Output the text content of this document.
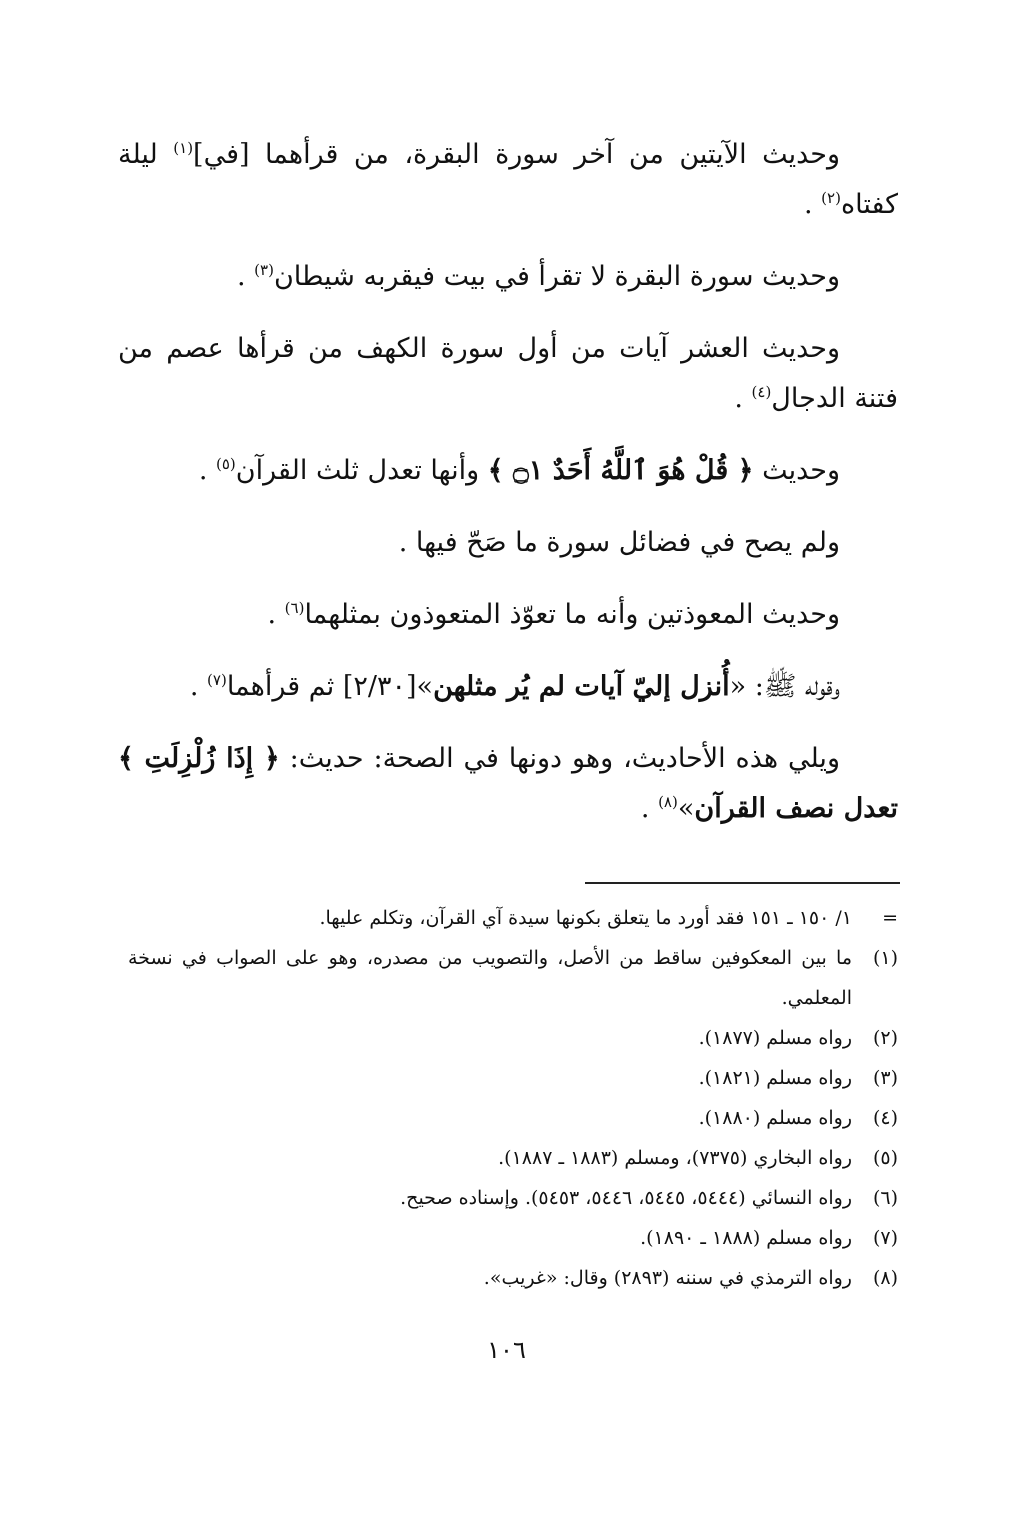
وحديث الآيتين من آخر سورة البقرة، من قرأهما [في]$^{(١)}$ ليلة كفتاه$^{(٢)}$ .

وحديث سورة البقرة لا تقرأ في بيت فيقربه شيطان$^{(٣)}$ .

وحديث العشر آيات من أول سورة الكهف من قرأها عصم من فتنة الدجال$^{(٤)}$ .

وحديث ﴿ قُلْ هُوَ ٱللَّهُ أَحَدٌ ۝١ ﴾ وأنها تعدل ثلث القرآن$^{(٥)}$ .

ولم يصح في فضائل سورة ما صَحّ فيها .

وحديث المعوذتين وأنه ما تعوّذ المتعوذون بمثلهما$^{(٦)}$ .

وقوله ﷺ: «أُنزل إليّ آيات لم يُر مثلهن»[٢/٣٠] ثم قرأهما$^{(٧)}$ .

ويلي هذه الأحاديث، وهو دونها في الصحة: حديث: ﴿ إِذَا زُلْزِلَتِ ﴾ تعدل نصف القرآن»$^{(٨)}$ .

=
١/ ١٥٠ ـ ١٥١ فقد أورد ما يتعلق بكونها سيدة آي القرآن، وتكلم عليها.
(١)
ما بين المعكوفين ساقط من الأصل، والتصويب من مصدره، وهو على الصواب في نسخة المعلمي.
(٢)
رواه مسلم (١٨٧٧).
(٣)
رواه مسلم (١٨٢١).
(٤)
رواه مسلم (١٨٨٠).
(٥)
رواه البخاري (٧٣٧٥)، ومسلم (١٨٨٣ ـ ١٨٨٧).
(٦)
رواه النسائي (٥٤٤٤، ٥٤٤٥، ٥٤٤٦، ٥٤٥٣). وإسناده صحيح.
(٧)
رواه مسلم (١٨٨٨ ـ ١٨٩٠).
(٨)
رواه الترمذي في سننه (٢٨٩٣) وقال: «غريب».
١٠٦
